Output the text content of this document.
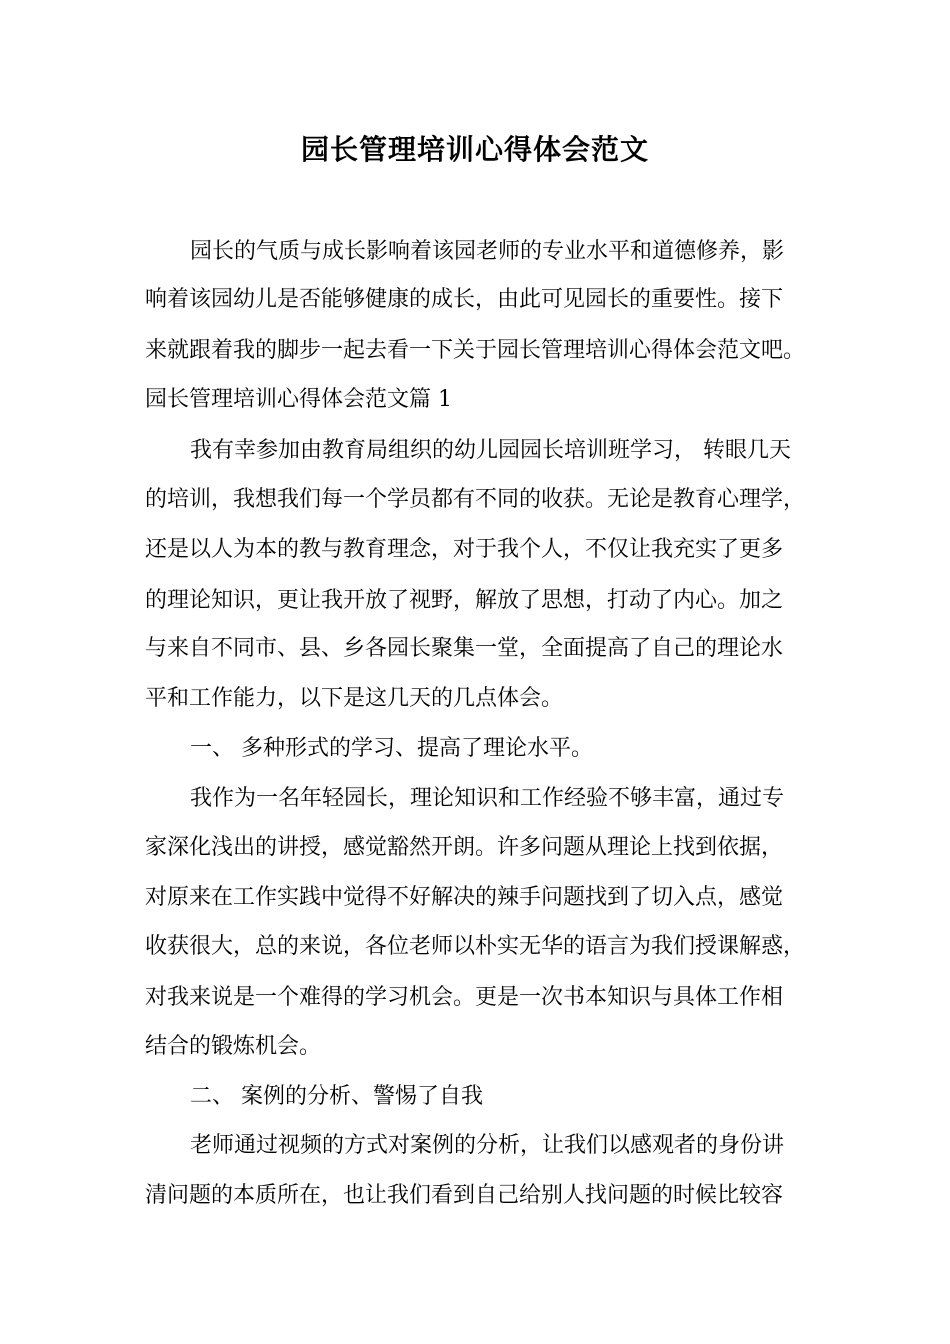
园长管理培训心得体会范文
园长的气质与成长影响着该园老师的专业水平和道德修养，影
响着该园幼儿是否能够健康的成长，由此可见园长的重要性。接下
来就跟着我的脚步一起去看一下关于园长管理培训心得体会范文吧。
园长管理培训心得体会范文篇 1
我有幸参加由教育局组织的幼儿园园长培训班学习， 转眼几天
的培训，我想我们每一个学员都有不同的收获。无论是教育心理学，
还是以人为本的教与教育理念，对于我个人，不仅让我充实了更多
的理论知识，更让我开放了视野，解放了思想，打动了内心。加之
与来自不同市、县、乡各园长聚集一堂，全面提高了自己的理论水
平和工作能力，以下是这几天的几点体会。
一、 多种形式的学习、提高了理论水平。
我作为一名年轻园长，理论知识和工作经验不够丰富，通过专
家深化浅出的讲授，感觉豁然开朗。许多问题从理论上找到依据，
对原来在工作实践中觉得不好解决的辣手问题找到了切入点，感觉
收获很大，总的来说，各位老师以朴实无华的语言为我们授课解惑，
对我来说是一个难得的学习机会。更是一次书本知识与具体工作相
结合的锻炼机会。
二、 案例的分析、警惕了自我
老师通过视频的方式对案例的分析，让我们以感观者的身份讲
清问题的本质所在，也让我们看到自己给别人找问题的时候比较容
